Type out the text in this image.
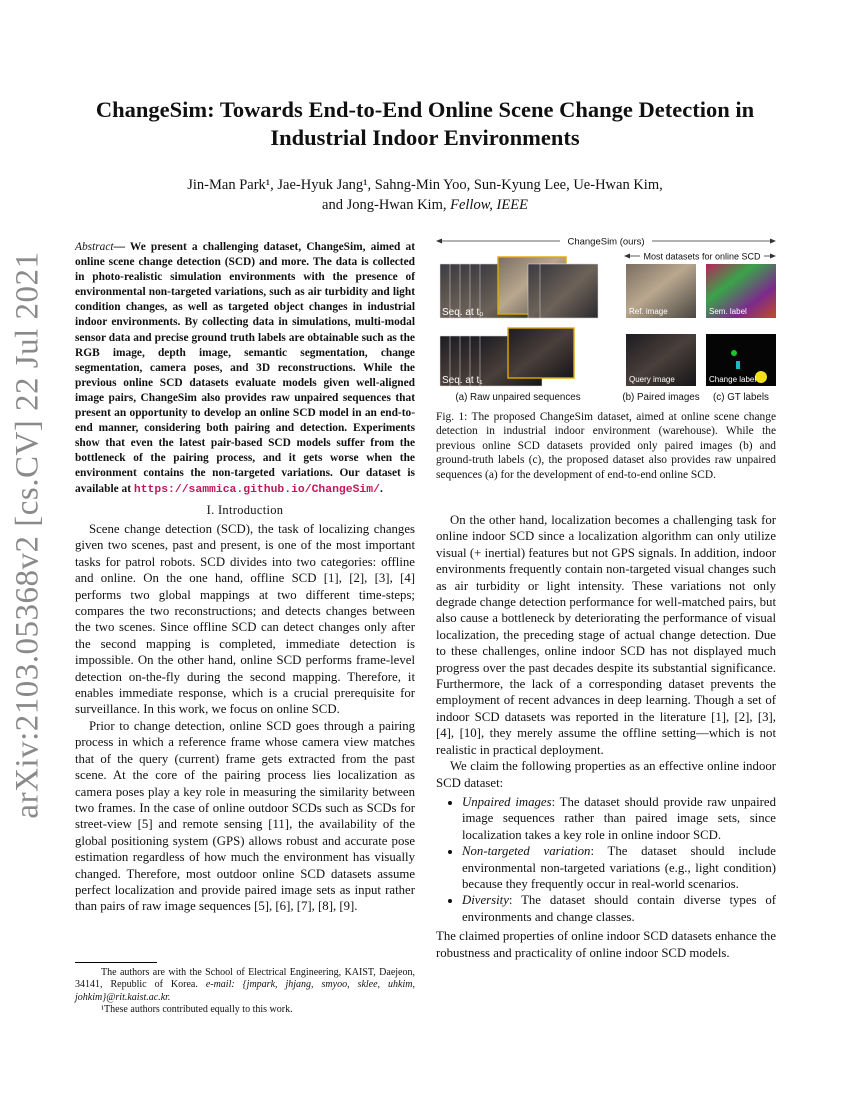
arXiv:2103.05368v2 [cs.CV] 22 Jul 2021
ChangeSim: Towards End-to-End Online Scene Change Detection in Industrial Indoor Environments
Jin-Man Park¹, Jae-Hyuk Jang¹, Sahng-Min Yoo, Sun-Kyung Lee, Ue-Hwan Kim,
and Jong-Hwan Kim, Fellow, IEEE
Abstract— We present a challenging dataset, ChangeSim, aimed at online scene change detection (SCD) and more. The data is collected in photo-realistic simulation environments with the presence of environmental non-targeted variations, such as air turbidity and light condition changes, as well as targeted object changes in industrial indoor environments. By collecting data in simulations, multi-modal sensor data and precise ground truth labels are obtainable such as the RGB image, depth image, semantic segmentation, change segmentation, camera poses, and 3D reconstructions. While the previous online SCD datasets evaluate models given well-aligned image pairs, ChangeSim also provides raw unpaired sequences that present an opportunity to develop an online SCD model in an end-to-end manner, considering both pairing and detection. Experiments show that even the latest pair-based SCD models suffer from the bottleneck of the pairing process, and it gets worse when the environment contains the non-targeted variations. Our dataset is available at https://sammica.github.io/ChangeSim/.
I. Introduction

Scene change detection (SCD), the task of localizing changes given two scenes, past and present, is one of the most important tasks for patrol robots. SCD divides into two categories: offline and online. On the one hand, offline SCD [1], [2], [3], [4] performs two global mappings at two different time-steps; compares the two reconstructions; and detects changes between the two scenes. Since offline SCD can detect changes only after the second mapping is completed, immediate detection is impossible. On the other hand, online SCD performs frame-level detection on-the-fly during the second mapping. Therefore, it enables immediate response, which is a crucial prerequisite for surveillance. In this work, we focus on online SCD.

Prior to change detection, online SCD goes through a pairing process in which a reference frame whose camera view matches that of the query (current) frame gets extracted from the past scene. At the core of the pairing process lies localization as camera poses play a key role in measuring the similarity between two frames. In the case of online outdoor SCDs such as SCDs for street-view [5] and remote sensing [11], the availability of the global positioning system (GPS) allows robust and accurate pose estimation regardless of how much the environment has visually changed. Therefore, most outdoor online SCD datasets assume perfect localization and provide paired image sets as input rather than pairs of raw image sequences [5], [6], [7], [8], [9].

The authors are with the School of Electrical Engineering, KAIST, Daejeon, 34141, Republic of Korea. e-mail: {jmpark, jhjang, smyoo, sklee, uhkim, johkim}@rit.kaist.ac.kr.

¹These authors contributed equally to this work.

ChangeSim (ours)
Most datasets for online SCD
Seq. at t₀
Seq. at t₁
Ref. image
Query image
Sem. label
Change label
(a) Raw unpaired sequences	(b) Paired images (c) GT labels
Fig. 1: The proposed ChangeSim dataset, aimed at online scene change detection in industrial indoor environment (warehouse). While the previous online SCD datasets provided only paired images (b) and ground-truth labels (c), the proposed dataset also provides raw unpaired sequences (a) for the development of end-to-end online SCD.

On the other hand, localization becomes a challenging task for online indoor SCD since a localization algorithm can only utilize visual (+ inertial) features but not GPS signals. In addition, indoor environments frequently contain non-targeted visual changes such as air turbidity or light intensity. These variations not only degrade change detection performance for well-matched pairs, but also cause a bottleneck by deteriorating the performance of visual localization, the preceding stage of actual change detection. Due to these challenges, online indoor SCD has not displayed much progress over the past decades despite its substantial significance. Furthermore, the lack of a corresponding dataset prevents the employment of recent advances in deep learning. Though a set of indoor SCD datasets was reported in the literature [1], [2], [3], [4], [10], they merely assume the offline setting—which is not realistic in practical deployment.

We claim the following properties as an effective online indoor SCD dataset:

• Unpaired images: The dataset should provide raw unpaired image sequences rather than paired image sets, since localization takes a key role in online indoor SCD.
• Non-targeted variation: The dataset should include environmental non-targeted variations (e.g., light condition) because they frequently occur in real-world scenarios.
• Diversity: The dataset should contain diverse types of environments and change classes.

The claimed properties of online indoor SCD datasets enhance the robustness and practicality of online indoor SCD models.
